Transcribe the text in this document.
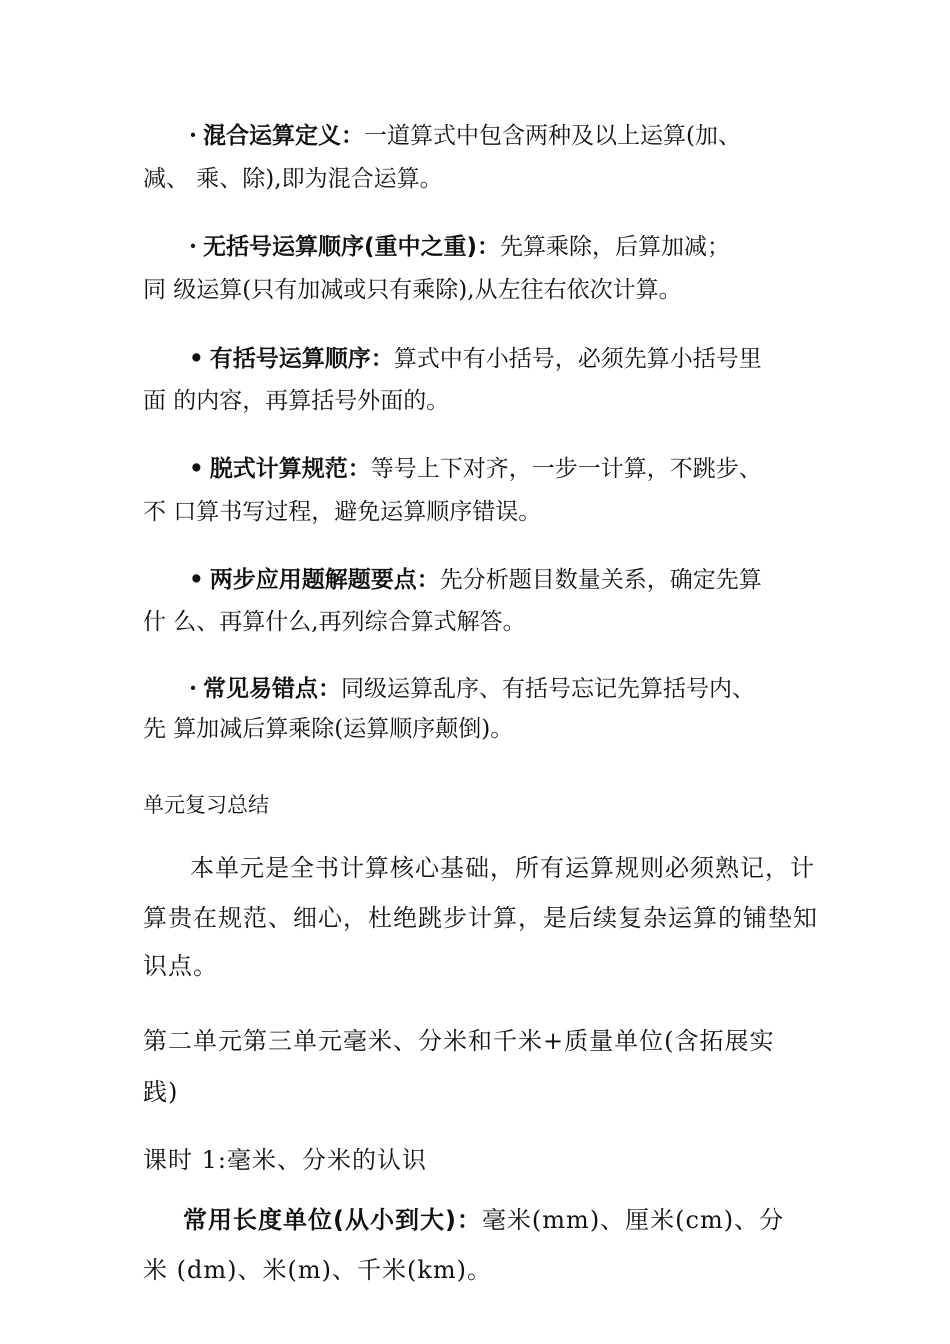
· 混合运算定义：一道算式中包含两种及以上运算(加、
减、 乘、除),即为混合运算。
· 无括号运算顺序(重中之重)：先算乘除，后算加减；
同 级运算(只有加减或只有乘除),从左往右依次计算。
• 有括号运算顺序：算式中有小括号，必须先算小括号里
面 的内容，再算括号外面的。
• 脱式计算规范：等号上下对齐，一步一计算，不跳步、
不 口算书写过程，避免运算顺序错误。
• 两步应用题解题要点：先分析题目数量关系，确定先算
什 么、再算什么,再列综合算式解答。
· 常见易错点：同级运算乱序、有括号忘记先算括号内、
先 算加减后算乘除(运算顺序颠倒)。
单元复习总结
本单元是全书计算核心基础，所有运算规则必须熟记，计
算贵在规范、细心，杜绝跳步计算，是后续复杂运算的铺垫知
识点。
第二单元第三单元毫米、分米和千米+质量单位(含拓展实
践)
课时 1:毫米、分米的认识
常用长度单位(从小到大)：毫米(mm)、厘米(cm)、分
米 (dm)、米(m)、千米(km)。
